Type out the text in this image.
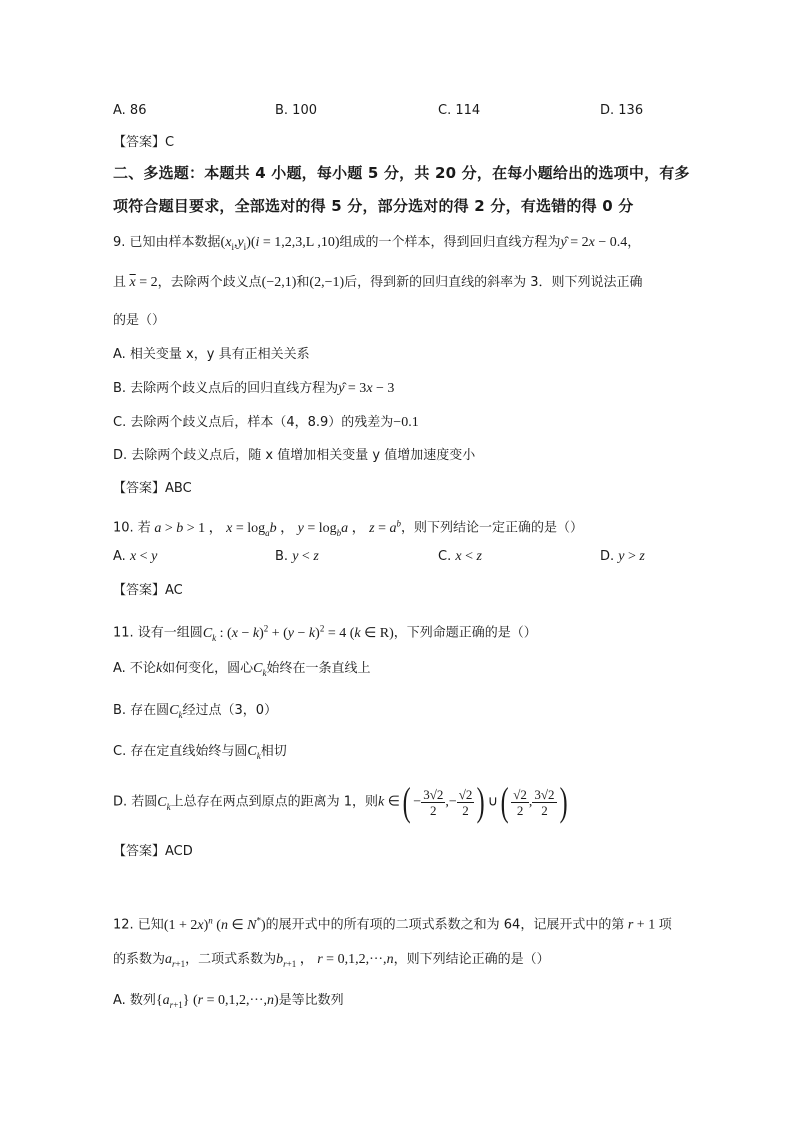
A. 86	B. 100	C. 114	D. 136
【答案】C
二、多选题：本题共 4 小题，每小题 5 分，共 20 分，在每小题给出的选项中，有多
项符合题目要求，全部选对的得 5 分，部分选对的得 2 分，有选错的得 0 分
9. 已知由样本数据$(x_i,y_i)(i = 1,2,3,L$ ,10)组成的一个样本，得到回归直线方程为ŷ = 2x − 0.4，
且 $\overline{x} = 2$，去除两个歧义点(−2,1)和(2,−1)后，得到新的回归直线的斜率为 3．则下列说法正确
的是（）
A. 相关变量 x，y 具有正相关关系
B. 去除两个歧义点后的回归直线方程为ŷ = 3x − 3
C. 去除两个歧义点后，样本（4，8.9）的残差为−0.1
D. 去除两个歧义点后，随 x 值增加相关变量 y 值增加速度变小
【答案】ABC
10. 若 a > b > 1 ， $x = \log_ab$ ， $y = \log_ba$ ， $z = a^b$，则下列结论一定正确的是（）
A. x < y	B. y < z	C. x < z	D. y > z
【答案】AC
11. 设有一组圆$C_k$ : $(x - k)^2 + (y - k)^2 = 4$ (k ∈ R)，下列命题正确的是（）
A. 不论k如何变化，圆心$C_k$始终在一条直线上
B. 存在圆$C_k$经过点（3，0）
C. 存在定直线始终与圆$C_k$相切
D. 若圆$C_k$上总存在两点到原点的距离为 1，则k ∈( − $\frac{3√2}{2}$ ,− $\frac{√2}{2}$ ) ∪( $\frac{√2}{2}$ , $\frac{3√2}{2}$ )
【答案】ACD
12. 已知$(1 + 2x)^n$ (n ∈ N*)的展开式中的所有项的二项式系数之和为 64，记展开式中的第 r + 1 项
的系数为$a_{r+1}$，二项式系数为$b_{r+1}$ ， r = 0,1,2,···,n，则下列结论正确的是（）
A. 数列$\{a_{r+1}\} (r = 0,1,2,\cdot\cdot\cdot,n)$是等比数列
